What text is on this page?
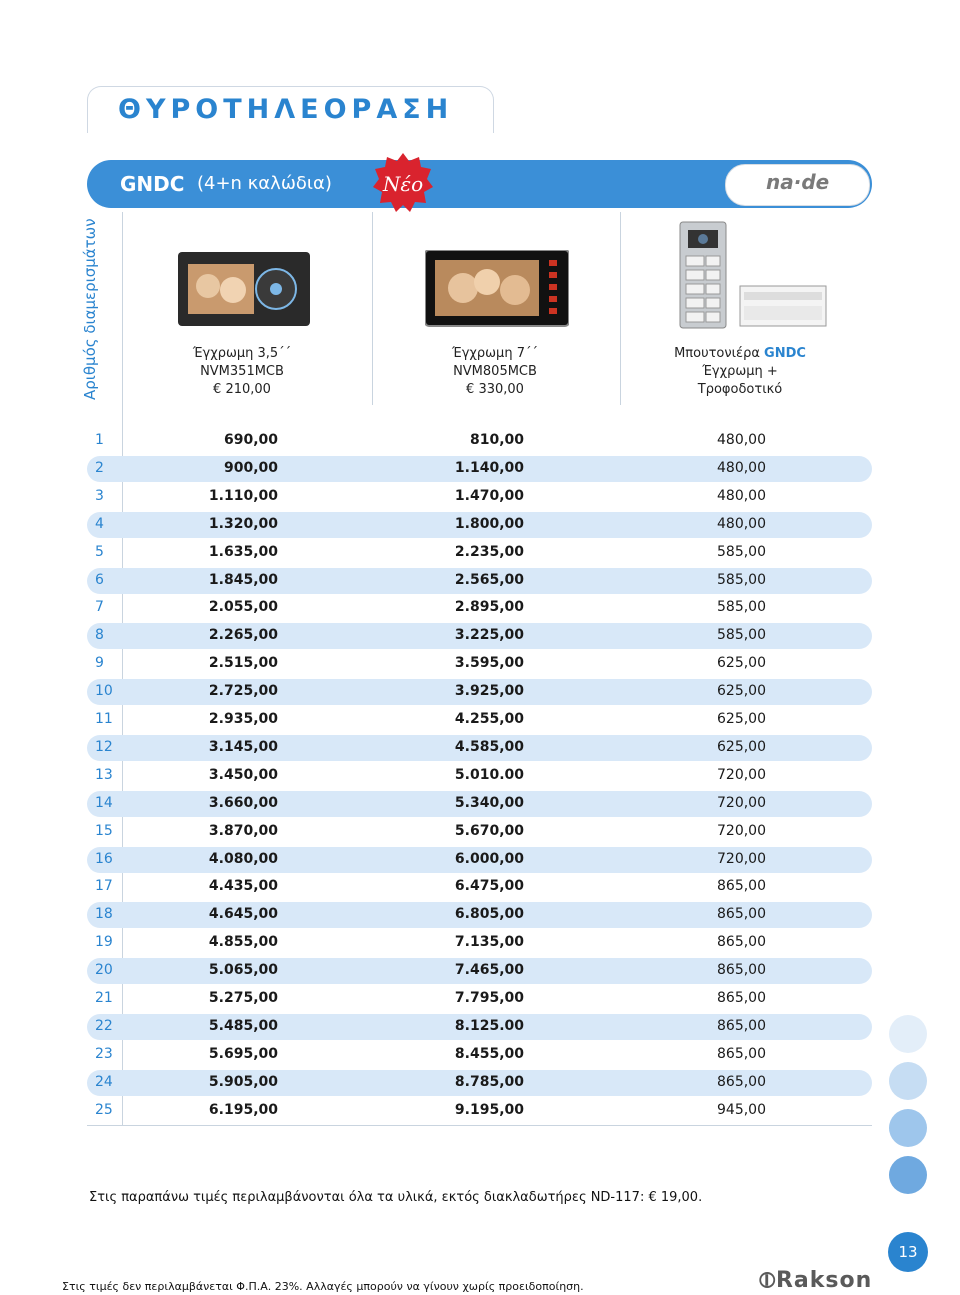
ΘΥΡΟΤΗΛΕΟΡΑΣΗ
GNDC (4+n καλώδια)	Νέο	na·de
Αριθμός διαμερισμάτων	Έγχρωμη 3,5΄΄
NVM351MCB
€ 210,00
Έγχρωμη 7΄΄
NVM805MCB
€ 330,00
Μπουτονιέρα GNDC
Έγχρωμη +
Τροφοδοτικό
1	690,00	810,00	480,00
2	900,00	1.140,00	480,00
3	1.110,00	1.470,00	480,00
4	1.320,00	1.800,00	480,00
5	1.635,00	2.235,00	585,00
6	1.845,00	2.565,00	585,00
7	2.055,00	2.895,00	585,00
8	2.265,00	3.225,00	585,00
9	2.515,00	3.595,00	625,00
10	2.725,00	3.925,00	625,00
11	2.935,00	4.255,00	625,00
12	3.145,00	4.585,00	625,00
13	3.450,00	5.010.00	720,00
14	3.660,00	5.340,00	720,00
15	3.870,00	5.670,00	720,00
16	4.080,00	6.000,00	720,00
17	4.435,00	6.475,00	865,00
18	4.645,00	6.805,00	865,00
19	4.855,00	7.135,00	865,00
20	5.065,00	7.465,00	865,00
21	5.275,00	7.795,00	865,00
22	5.485,00	8.125.00	865,00
23	5.695,00	8.455,00	865,00
24	5.905,00	8.785,00	865,00
25	6.195,00	9.195,00	945,00
Στις παραπάνω τιμές περιλαμβάνονται όλα τα υλικά, εκτός διακλαδωτήρες ND-117: € 19,00.
13
Στις τιμές δεν περιλαμβάνεται Φ.Π.Α. 23%. Αλλαγές μπορούν να γίνουν χωρίς προειδοποίηση.	⦶Rakson
